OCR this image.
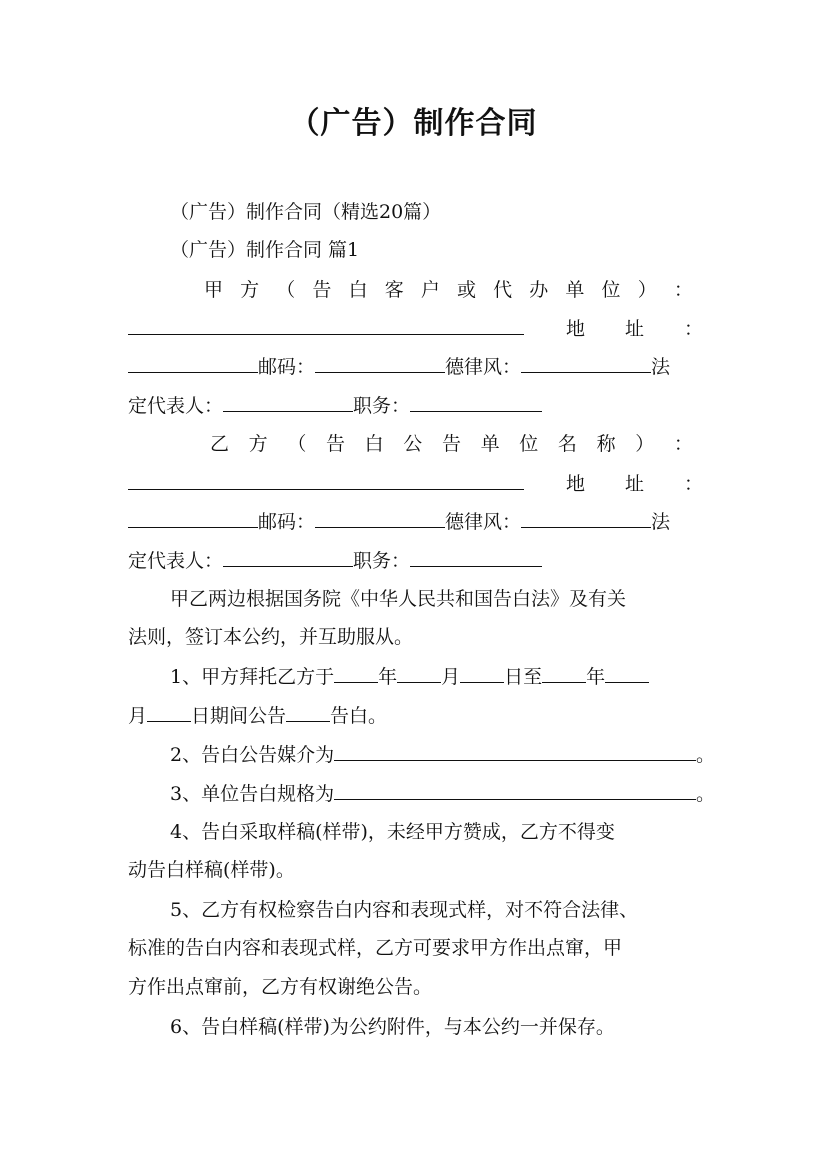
（广告）制作合同
（广告）制作合同（精选20篇）
（广告）制作合同 篇1
甲 方 （ 告 白 客 户 或 代 办 单 位 ） ：
地 址 ：
邮码：	德律风：	法
定代表人：	职务：
乙 方 （ 告 白 公 告 单 位 名 称 ） ：
地 址 ：
邮码：	德律风：	法
定代表人：	职务：
甲乙两边根据国务院《中华人民共和国告白法》及有关
法则，签订本公约，并互助服从。
1、甲方拜托乙方于 年 月 日至 年
月 日期间公告 告白。
2、告白公告媒介为	。
3、单位告白规格为	。
4、告白采取样稿(样带)，未经甲方赞成，乙方不得变
动告白样稿(样带)。
5、乙方有权检察告白内容和表现式样，对不符合法律、
标准的告白内容和表现式样，乙方可要求甲方作出点窜，甲
方作出点窜前，乙方有权谢绝公告。
6、告白样稿(样带)为公约附件，与本公约一并保存。
